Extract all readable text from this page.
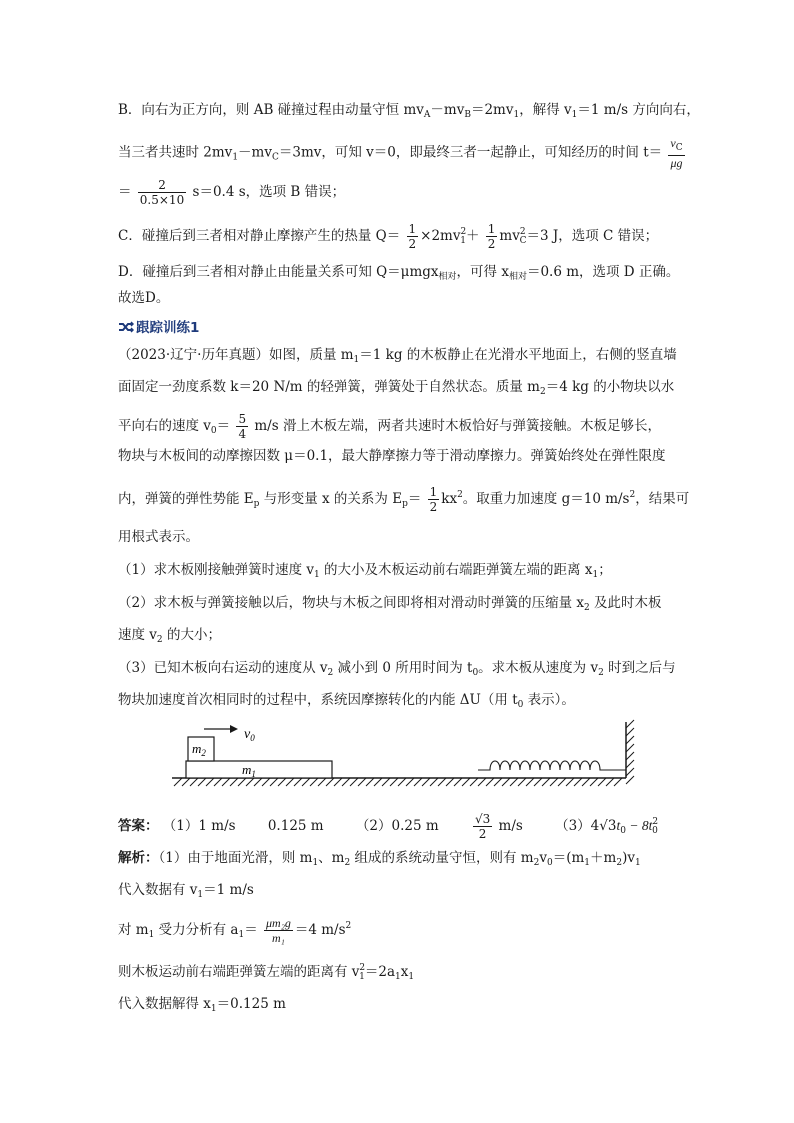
B．向右为正方向，则 AB 碰撞过程由动量守恒 $mv_A-mv_B=2mv_1$，解得 $v_1=1$ m/s 方向向右，
当三者共速时 $2mv_1-mv_C=3mv$，可知 v＝0，即最终三者一起静止，可知经历的时间 $t= \frac{v_C}{\mu g}$
＝ $\frac{2}{0.5\times 10} s=0.4$ s，选项 B 错误；
C．碰撞后到三者相对静止摩擦产生的热量 $Q= \frac{1}{2} \times 2mv^2_1+ \frac{1}{2} mv^2_C=3$ J，选项 C 错误；
D．碰撞后到三者相对静止由能量关系可知 Q＝μmgx$_{相对}$，可得 $x_{相对}=0.6$ m，选项 D 正确。
故选D。
跟踪训练1
（2023·辽宁·历年真题）如图，质量 $m_1=1$ kg 的木板静止在光滑水平地面上，右侧的竖直墙
面固定一劲度系数 k＝20 N/m 的轻弹簧，弹簧处于自然状态。质量 $m_2=4$ kg 的小物块以水
平向右的速度 $v_0= \frac{5}{4} m/s$ 滑上木板左端，两者共速时木板恰好与弹簧接触。木板足够长，
物块与木板间的动摩擦因数 μ＝0.1，最大静摩擦力等于滑动摩擦力。弹簧始终处在弹性限度
内，弹簧的弹性势能 $E_p$ 与形变量 x 的关系为 $E_p= \frac{1}{2} kx^2$。取重力加速度 g＝10 $m/s^2$，结果可
用根式表示。
（1）求木板刚接触弹簧时速度 $v_1$ 的大小及木板运动前右端距弹簧左端的距离 $x_1$；
（2）求木板与弹簧接触以后，物块与木板之间即将相对滑动时弹簧的压缩量 $x_2$ 及此时木板
速度 $v_2$ 的大小；
（3）已知木板向右运动的速度从 $v_2$ 减小到 0 所用时间为 $t_0$。求木板从速度为 $v_2$ 时到之后与
物块加速度首次相同时的过程中，系统因摩擦转化的内能 ΔU（用 $t_0$ 表示）。
$m_1$
$m_2$
$v_0$
答案： （1）1 m/s 0.125 m （2）0.25 m	$\frac{√3}{2} m/s$ $(3)4√3t_0 - 8t^2_0$
解析：（1）由于地面光滑，则 $m_1$、$m_2$ 组成的系统动量守恒，则有 $m_2v_0=(m_1+m_2)v_1$
代入数据有 $v_1=1$ m/s
对 $m_1$ 受力分析有 $a_1= \frac{\text{μm₂g}}{\text{m₁}} =4$ $m/s^2$
则木板运动前右端距弹簧左端的距离有 $v^2_1=2a_1x_1$
代入数据解得 $x_1=0.125$ m
